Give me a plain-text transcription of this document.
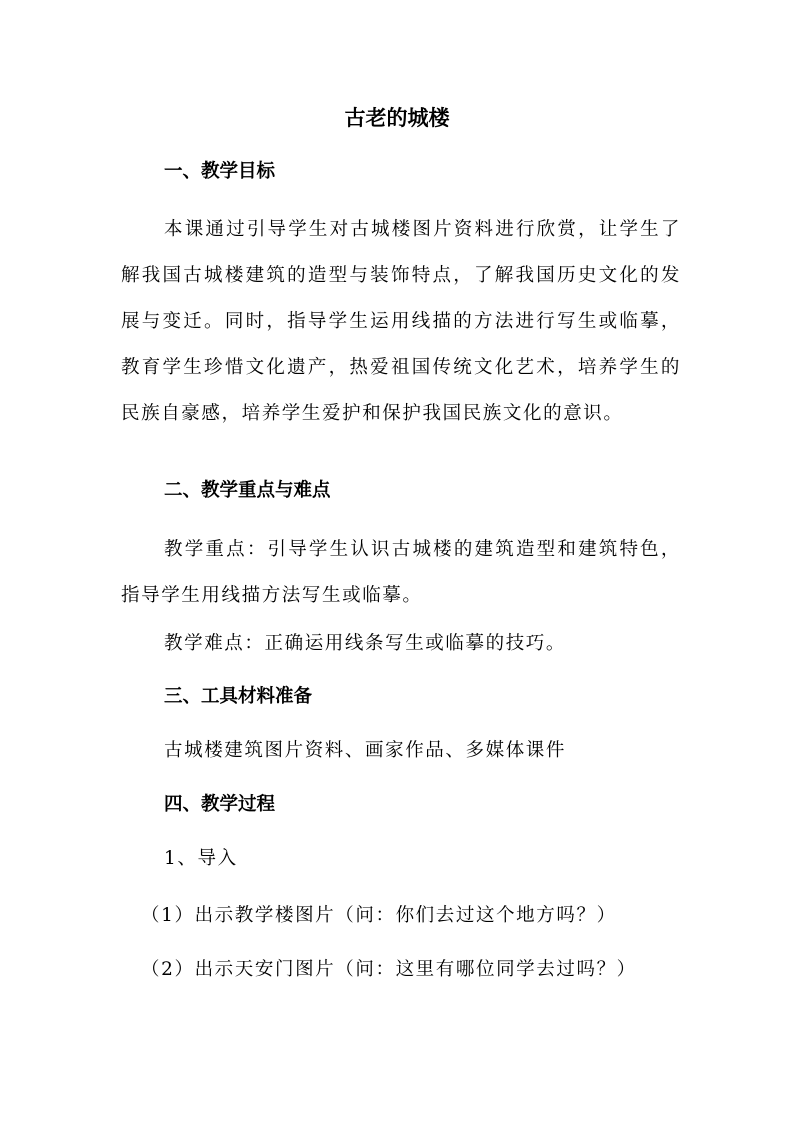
古老的城楼
一、教学目标
本课通过引导学生对古城楼图片资料进行欣赏，让学生了解我国古城楼建筑的造型与装饰特点，了解我国历史文化的发展与变迁。同时，指导学生运用线描的方法进行写生或临摹，教育学生珍惜文化遗产，热爱祖国传统文化艺术，培养学生的民族自豪感，培养学生爱护和保护我国民族文化的意识。
二、教学重点与难点
教学重点：引导学生认识古城楼的建筑造型和建筑特色，指导学生用线描方法写生或临摹。
教学难点：正确运用线条写生或临摹的技巧。
三、工具材料准备
古城楼建筑图片资料、画家作品、多媒体课件
四、教学过程
1、导入
（1）出示教学楼图片（问：你们去过这个地方吗？）
（2）出示天安门图片（问：这里有哪位同学去过吗？）
